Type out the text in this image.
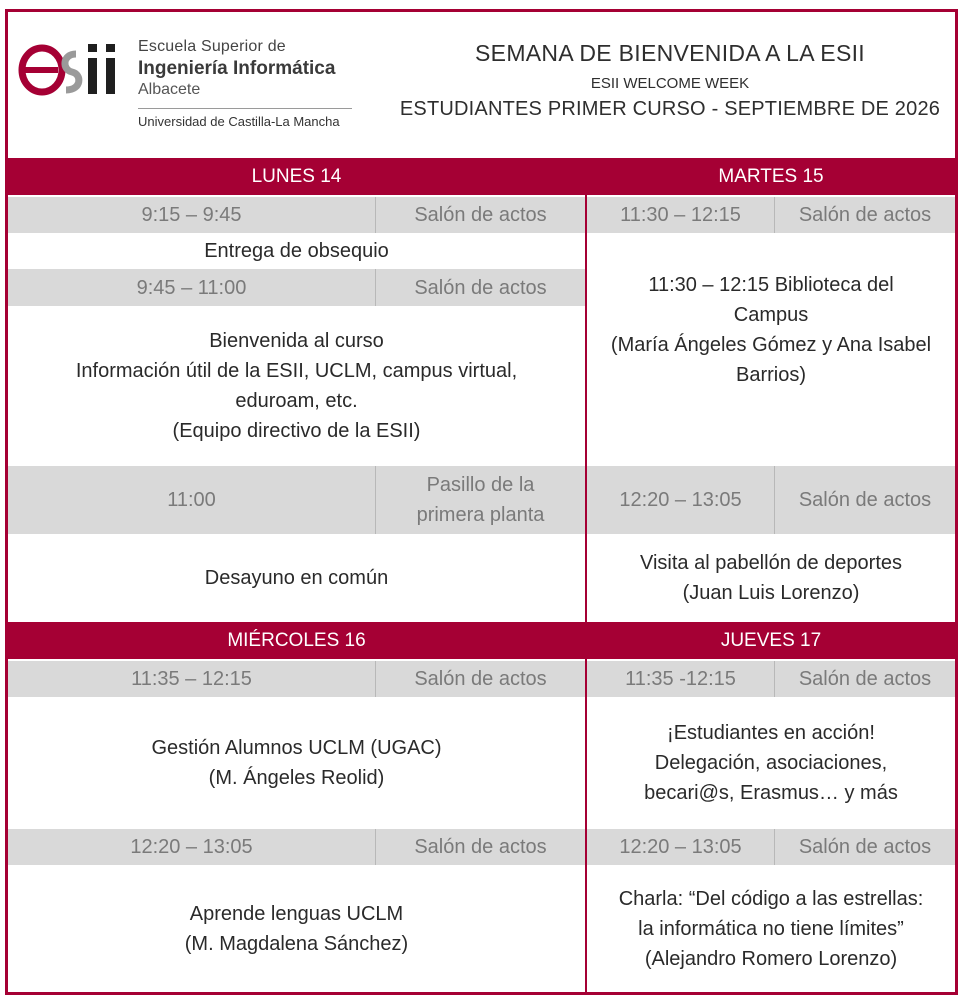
Escuela Superior de
Ingeniería Informática
Albacete
Universidad de Castilla-La Mancha
SEMANA DE BIENVENIDA A LA ESII
ESII WELCOME WEEK
ESTUDIANTES PRIMER CURSO - SEPTIEMBRE DE 2026
LUNES 14	MARTES 15
9:15 – 9:45	Salón de actos
Entrega de obsequio
9:45 – 11:00	Salón de actos
Bienvenida al curso
Información útil de la ESII, UCLM, campus virtual,
eduroam, etc.
(Equipo directivo de la ESII)
11:00
Pasillo de la
primera planta
Desayuno en común
11:30 – 12:15	Salón de actos
11:30 – 12:15 Biblioteca del
Campus
(María Ángeles Gómez y Ana Isabel
Barrios)
12:20 – 13:05	Salón de actos
Visita al pabellón de deportes
(Juan Luis Lorenzo)
MIÉRCOLES 16	JUEVES 17
11:35 – 12:15	Salón de actos
Gestión Alumnos UCLM (UGAC)
(M. Ángeles Reolid)
12:20 – 13:05	Salón de actos
Aprende lenguas UCLM
(M. Magdalena Sánchez)
11:35 -12:15	Salón de actos
¡Estudiantes en acción!
Delegación, asociaciones,
becari@s, Erasmus… y más
12:20 – 13:05	Salón de actos
Charla: “Del código a las estrellas:
la informática no tiene límites”
(Alejandro Romero Lorenzo)
